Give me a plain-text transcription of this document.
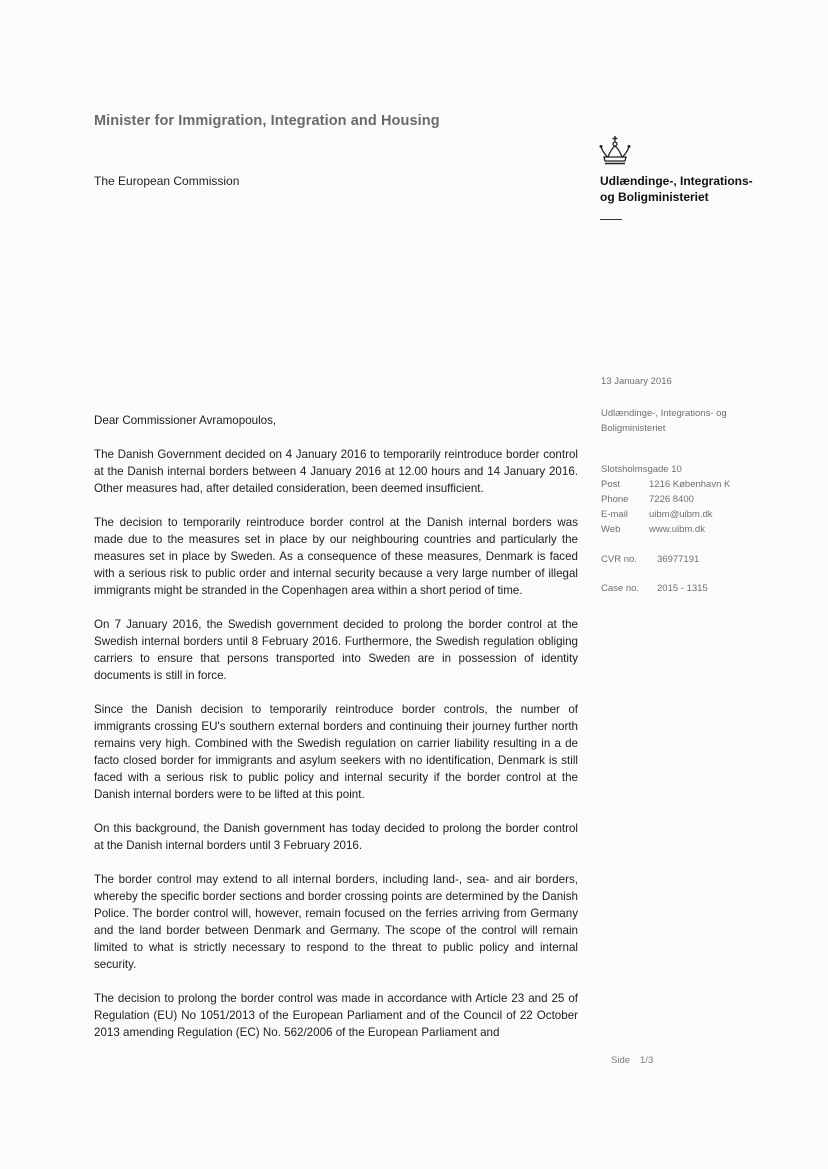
Minister for Immigration, Integration and Housing
The European Commission	Udlændinge-, Integrations-
og Boligministeriet
13 January 2016
Udlændinge-, Integrations- og Boligministeriet
Slotsholmsgade 10
Post	1216 København K
Phone	7226 8400
E-mail	uibm@uibm.dk
Web	www.uibm.dk
CVR no.	36977191
Case no.	2015 - 1315

Dear Commissioner Avramopoulos,

The Danish Government decided on 4 January 2016 to temporarily reintroduce border control at the Danish internal borders between 4 January 2016 at 12.00 hours and 14 January 2016. Other measures had, after detailed consideration, been deemed insufficient.

The decision to temporarily reintroduce border control at the Danish internal borders was made due to the measures set in place by our neighbouring countries and particularly the measures set in place by Sweden. As a consequence of these measures, Denmark is faced with a serious risk to public order and internal security because a very large number of illegal immigrants might be stranded in the Copenhagen area within a short period of time.

On 7 January 2016, the Swedish government decided to prolong the border control at the Swedish internal borders until 8 February 2016. Furthermore, the Swedish regulation obliging carriers to ensure that persons transported into Sweden are in possession of identity documents is still in force.

Since the Danish decision to temporarily reintroduce border controls, the number of immigrants crossing EU's southern external borders and continuing their journey further north remains very high. Combined with the Swedish regulation on carrier liability resulting in a de facto closed border for immigrants and asylum seekers with no identification, Denmark is still faced with a serious risk to public policy and internal security if the border control at the Danish internal borders were to be lifted at this point.

On this background, the Danish government has today decided to prolong the border control at the Danish internal borders until 3 February 2016.

The border control may extend to all internal borders, including land-, sea- and air borders, whereby the specific border sections and border crossing points are determined by the Danish Police. The border control will, however, remain focused on the ferries arriving from Germany and the land border between Denmark and Germany. The scope of the control will remain limited to what is strictly necessary to respond to the threat to public policy and internal security.

The decision to prolong the border control was made in accordance with Article 23 and 25 of Regulation (EU) No 1051/2013 of the European Parliament and of the Council of 22 October 2013 amending Regulation (EC) No. 562/2006 of the European Parliament and

Side 1/3
